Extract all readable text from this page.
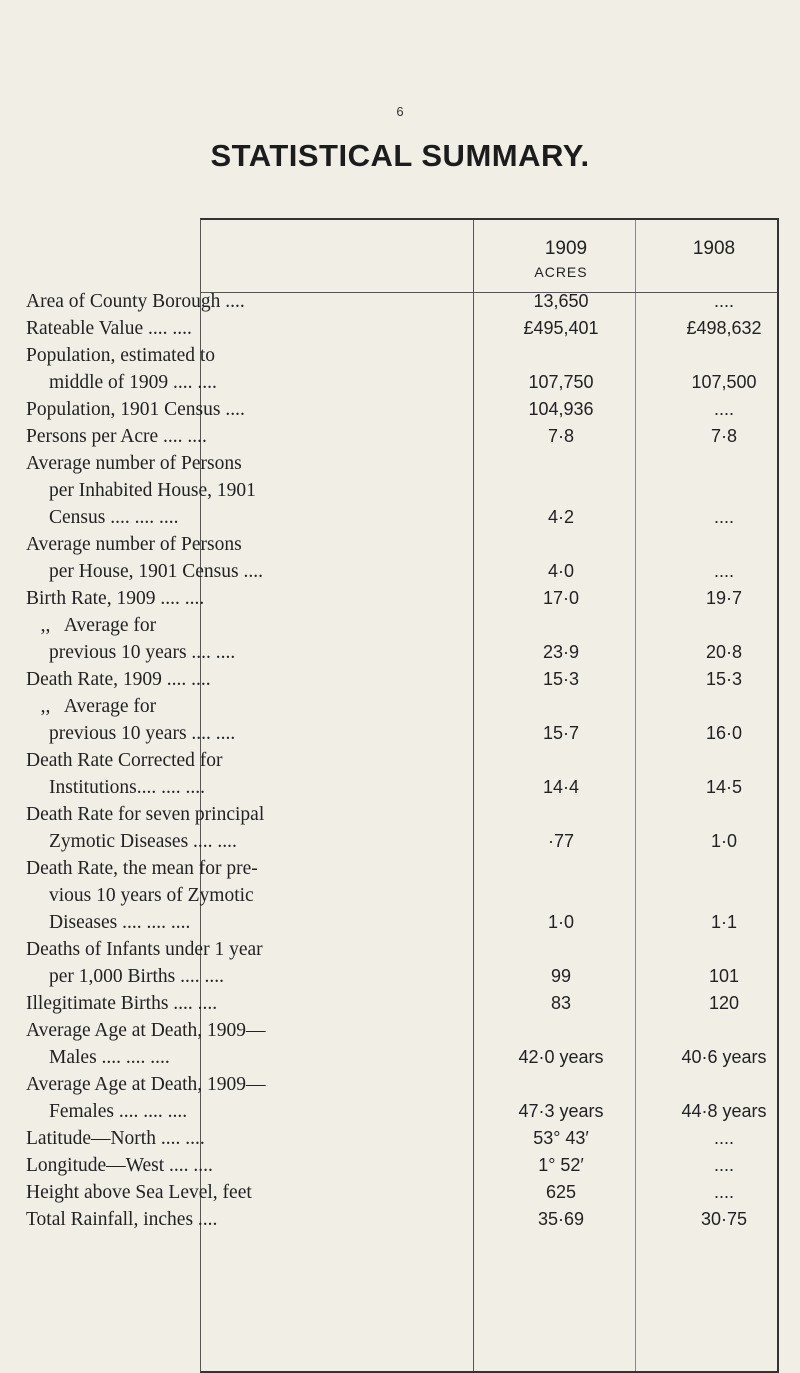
6
STATISTICAL SUMMARY.
1909	1908
Area of County Borough ....	13,650	....
ACRES
Rateable Value .... ....	£495,401	£498,632
Population, estimated to
middle of 1909 .... ....	107,750	107,500
Population, 1901 Census ....	104,936	....
Persons per Acre .... ....	7·8	7·8
Average number of Persons
per Inhabited House, 1901
Census .... .... ....	4·2	....
Average number of Persons
per House, 1901 Census ....	4·0	....
Birth Rate, 1909 .... ....	17·0	19·7
,,   Average for
previous 10 years .... ....	23·9	20·8
Death Rate, 1909 .... ....	15·3	15·3
,,   Average for
previous 10 years .... ....	15·7	16·0
Death Rate Corrected for
Institutions.... .... ....	14·4	14·5
Death Rate for seven principal
Zymotic Diseases .... ....	·77	1·0
Death Rate, the mean for pre-
vious 10 years of Zymotic
Diseases .... .... ....	1·0	1·1
Deaths of Infants under 1 year
per 1,000 Births .... ....	99	101
Illegitimate Births .... ....	83	120
Average Age at Death, 1909—
Males .... .... ....	42·0 years	40·6 years
Average Age at Death, 1909—
Females .... .... ....	47·3 years	44·8 years
Latitude—North .... ....	53° 43′	....
Longitude—West .... ....	1° 52′	....
Height above Sea Level, feet	625	....
Total Rainfall, inches ....	35·69	30·75
